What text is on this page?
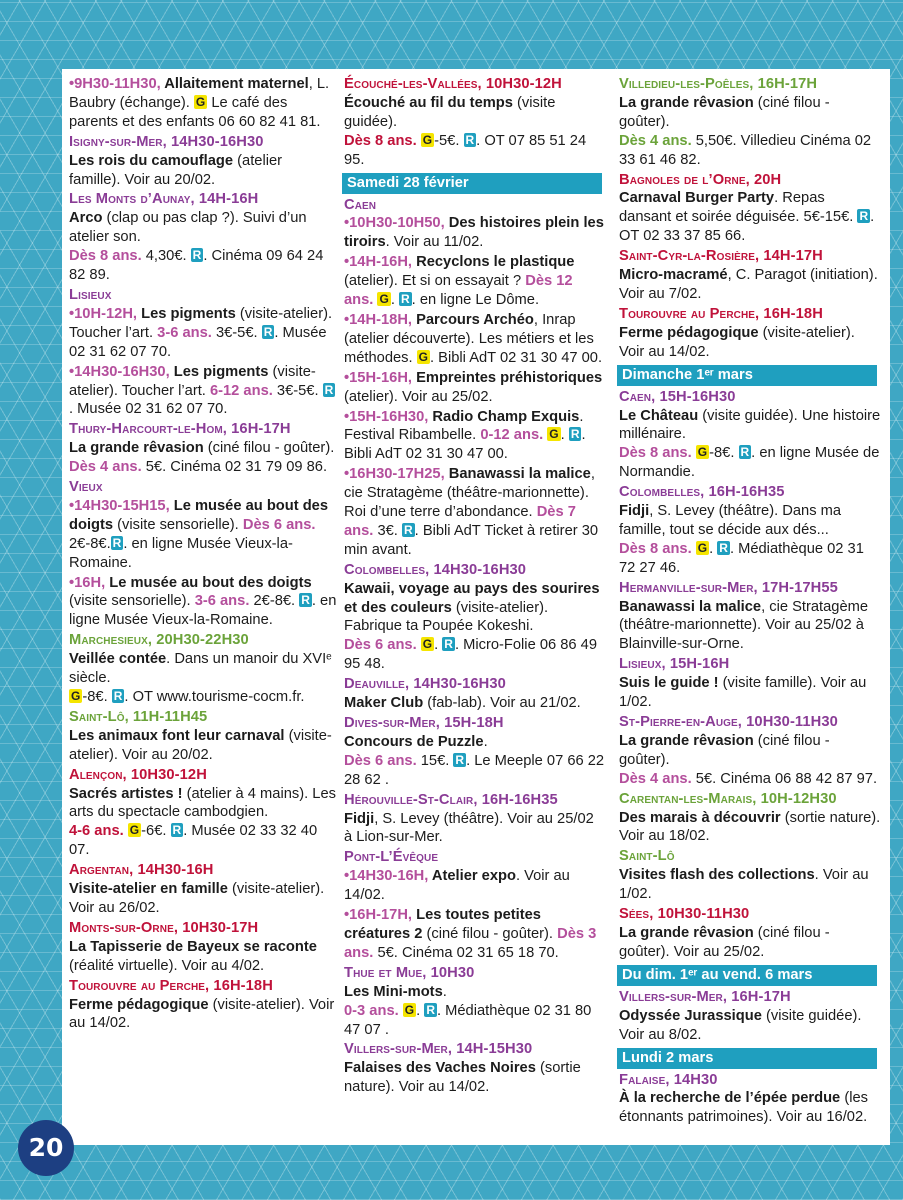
•9H30-11H30, Allaitement maternel, L. Baubry (échange). G Le café des parents et des enfants 06 60 82 41 81.
Isigny-sur-Mer, 14H30-16H30
Les rois du camouflage (atelier famille). Voir au 20/02.
Les Monts d’Aunay, 14H-16H
Arco (clap ou pas clap ?). Suivi d’un atelier son.
Dès 8 ans. 4,30€. R . Cinéma 09 64 24 82 89.
Lisieux
•10H-12H, Les pigments (visite-atelier). Toucher l’art. 3-6 ans. 3€-5€. R . Musée 02 31 62 07 70.
•14H30-16H30, Les pigments (visite-atelier). Toucher l’art. 6-12 ans. 3€-5€. R. Musée 02 31 62 07 70.
Thury-Harcourt-le-Hom, 16H-17H
La grande rêvasion (ciné filou - goûter).
Dès 4 ans. 5€. Cinéma 02 31 79 09 86.
Vieux
•14H30-15H15, Le musée au bout des doigts (visite sensorielle). Dès 6 ans. 2€-8€. R . en ligne Musée Vieux-la-Romaine.
•16H, Le musée au bout des doigts (visite sensorielle). 3-6 ans. 2€-8€. R . en ligne Musée Vieux-la-Romaine.
Marchesieux, 20H30-22H30
Veillée contée. Dans un manoir du XVIᵉ siècle.
G -8€. R . OT www.tourisme-cocm.fr.
Saint-Lô, 11H-11H45
Les animaux font leur carnaval (visite-atelier). Voir au 20/02.
Alençon, 10H30-12H
Sacrés artistes ! (atelier à 4 mains). Les arts du spectacle cambodgien.
4-6 ans. G -6€. R . Musée 02 33 32 40 07.
Argentan, 14H30-16H
Visite-atelier en famille (visite-atelier). Voir au 26/02.
Monts-sur-Orne, 10H30-17H
La Tapisserie de Bayeux se raconte (réalité virtuelle). Voir au 4/02.
Tourouvre au Perche, 16H-18H
Ferme pédagogique (visite-atelier). Voir au 14/02.
Écouché-les-Vallées, 10H30-12H
Écouché au fil du temps (visite guidée).
Dès 8 ans. G -5€. R . OT 07 85 51 24 95.
Samedi 28 février
Caen
•10H30-10H50, Des histoires plein les tiroirs. Voir au 11/02.
•14H-16H, Recyclons le plastique (atelier). Et si on essayait ? Dès 12 ans. G . R . en ligne Le Dôme.
•14H-18H, Parcours Archéo, Inrap (atelier découverte). Les métiers et les méthodes. G . Bibli AdT 02 31 30 47 00.
•15H-16H, Empreintes préhistoriques (atelier). Voir au 25/02.
•15H-16H30, Radio Champ Exquis. Festival Ribambelle. 0-12 ans. G . R . Bibli AdT 02 31 30 47 00.
•16H30-17H25, Banawassi la malice, cie Stratagème (théâtre-marionnette). Roi d’une terre d’abondance. Dès 7 ans. 3€. R . Bibli AdT Ticket à retirer 30 min avant.
Colombelles, 14H30-16H30
Kawaii, voyage au pays des sourires et des couleurs (visite-atelier). Fabrique ta Poupée Kokeshi.
Dès 6 ans. G . R . Micro-Folie 06 86 49 95 48.
Deauville, 14H30-16H30
Maker Club (fab-lab). Voir au 21/02.
Dives-sur-Mer, 15H-18H
Concours de Puzzle.
Dès 6 ans. 15€. R . Le Meeple 07 66 22 28 62 .
Hérouville-St-Clair, 16H-16H35
Fidji, S. Levey (théâtre). Voir au 25/02 à Lion-sur-Mer.
Pont-L’Évêque
•14H30-16H, Atelier expo. Voir au 14/02.
•16H-17H, Les toutes petites créatures 2 (ciné filou - goûter). Dès 3 ans. 5€. Cinéma 02 31 65 18 70.
Thue et Mue, 10H30
Les Mini-mots.
0-3 ans. G . R . Médiathèque 02 31 80 47 07 .
Villers-sur-Mer, 14H-15H30
Falaises des Vaches Noires (sortie nature). Voir au 14/02.
Villedieu-les-Poêles, 16H-17H
La grande rêvasion (ciné filou - goûter).
Dès 4 ans. 5,50€. Villedieu Cinéma 02 33 61 46 82.
Bagnoles de l’Orne, 20H
Carnaval Burger Party. Repas dansant et soirée déguisée. 5€-15€. R . OT 02 33 37 85 66.
Saint-Cyr-la-Rosière, 14H-17H
Micro-macramé, C. Paragot (initiation). Voir au 7/02.
Tourouvre au Perche, 16H-18H
Ferme pédagogique (visite-atelier). Voir au 14/02.
Dimanche 1ᵉʳ mars
Caen, 15H-16H30
Le Château (visite guidée). Une histoire millénaire.
Dès 8 ans. G -8€. R . en ligne Musée de Normandie.
Colombelles, 16H-16H35
Fidji, S. Levey (théâtre). Dans ma famille, tout se décide aux dés...
Dès 8 ans. G . R . Médiathèque 02 31 72 27 46.
Hermanville-sur-Mer, 17H-17H55
Banawassi la malice, cie Stratagème (théâtre-marionnette). Voir au 25/02 à Blainville-sur-Orne.
Lisieux, 15H-16H
Suis le guide ! (visite famille). Voir au 1/02.
St-Pierre-en-Auge, 10H30-11H30
La grande rêvasion (ciné filou - goûter).
Dès 4 ans. 5€. Cinéma 06 88 42 87 97.
Carentan-les-Marais, 10H-12H30
Des marais à découvrir (sortie nature). Voir au 18/02.
Saint-Lô
Visites flash des collections. Voir au 1/02.
Sées, 10H30-11H30
La grande rêvasion (ciné filou - goûter). Voir au 25/02.
Du dim. 1ᵉʳ au vend. 6 mars
Villers-sur-Mer, 16H-17H
Odyssée Jurassique (visite guidée). Voir au 8/02.
Lundi 2 mars
Falaise, 14H30
À la recherche de l’épée perdue (les étonnants patrimoines). Voir au 16/02.
20
